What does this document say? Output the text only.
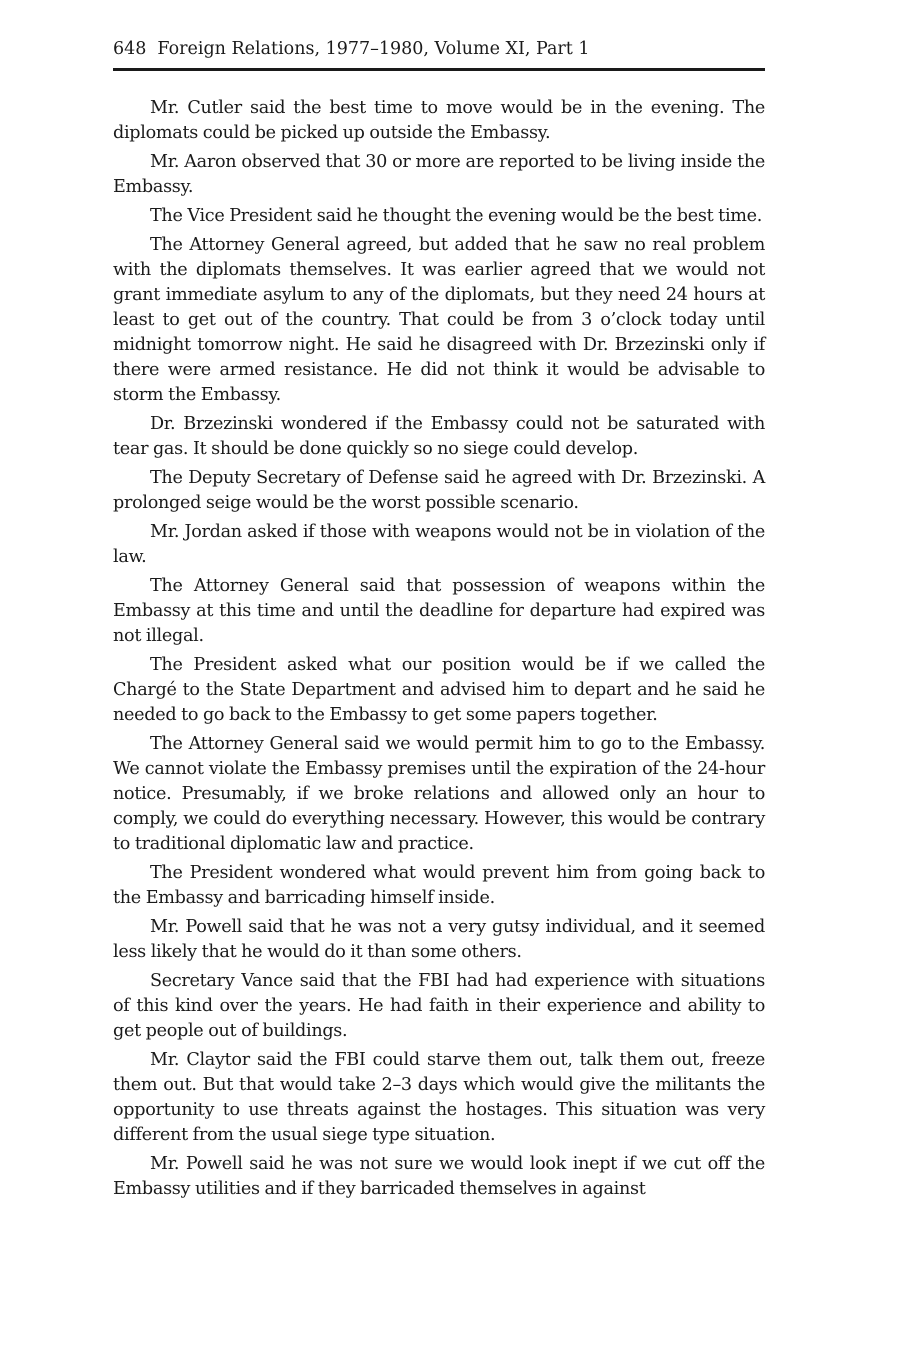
648 Foreign Relations, 1977–1980, Volume XI, Part 1

Mr. Cutler said the best time to move would be in the evening. The diplomats could be picked up outside the Embassy.

Mr. Aaron observed that 30 or more are reported to be living inside the Embassy.

The Vice President said he thought the evening would be the best time.

The Attorney General agreed, but added that he saw no real problem with the diplomats themselves. It was earlier agreed that we would not grant immediate asylum to any of the diplomats, but they need 24 hours at least to get out of the country. That could be from 3 o’clock today until midnight tomorrow night. He said he disagreed with Dr. Brzezinski only if there were armed resistance. He did not think it would be advisable to storm the Embassy.

Dr. Brzezinski wondered if the Embassy could not be saturated with tear gas. It should be done quickly so no siege could develop.

The Deputy Secretary of Defense said he agreed with Dr. Brzezinski. A prolonged seige would be the worst possible scenario.

Mr. Jordan asked if those with weapons would not be in violation of the law.

The Attorney General said that possession of weapons within the Embassy at this time and until the deadline for departure had expired was not illegal.

The President asked what our position would be if we called the Chargé to the State Department and advised him to depart and he said he needed to go back to the Embassy to get some papers together.

The Attorney General said we would permit him to go to the Embassy. We cannot violate the Embassy premises until the expiration of the 24-hour notice. Presumably, if we broke relations and allowed only an hour to comply, we could do everything necessary. However, this would be contrary to traditional diplomatic law and practice.

The President wondered what would prevent him from going back to the Embassy and barricading himself inside.

Mr. Powell said that he was not a very gutsy individual, and it seemed less likely that he would do it than some others.

Secretary Vance said that the FBI had had experience with situations of this kind over the years. He had faith in their experience and ability to get people out of buildings.

Mr. Claytor said the FBI could starve them out, talk them out, freeze them out. But that would take 2–3 days which would give the militants the opportunity to use threats against the hostages. This situation was very different from the usual siege type situation.

Mr. Powell said he was not sure we would look inept if we cut off the Embassy utilities and if they barricaded themselves in against
